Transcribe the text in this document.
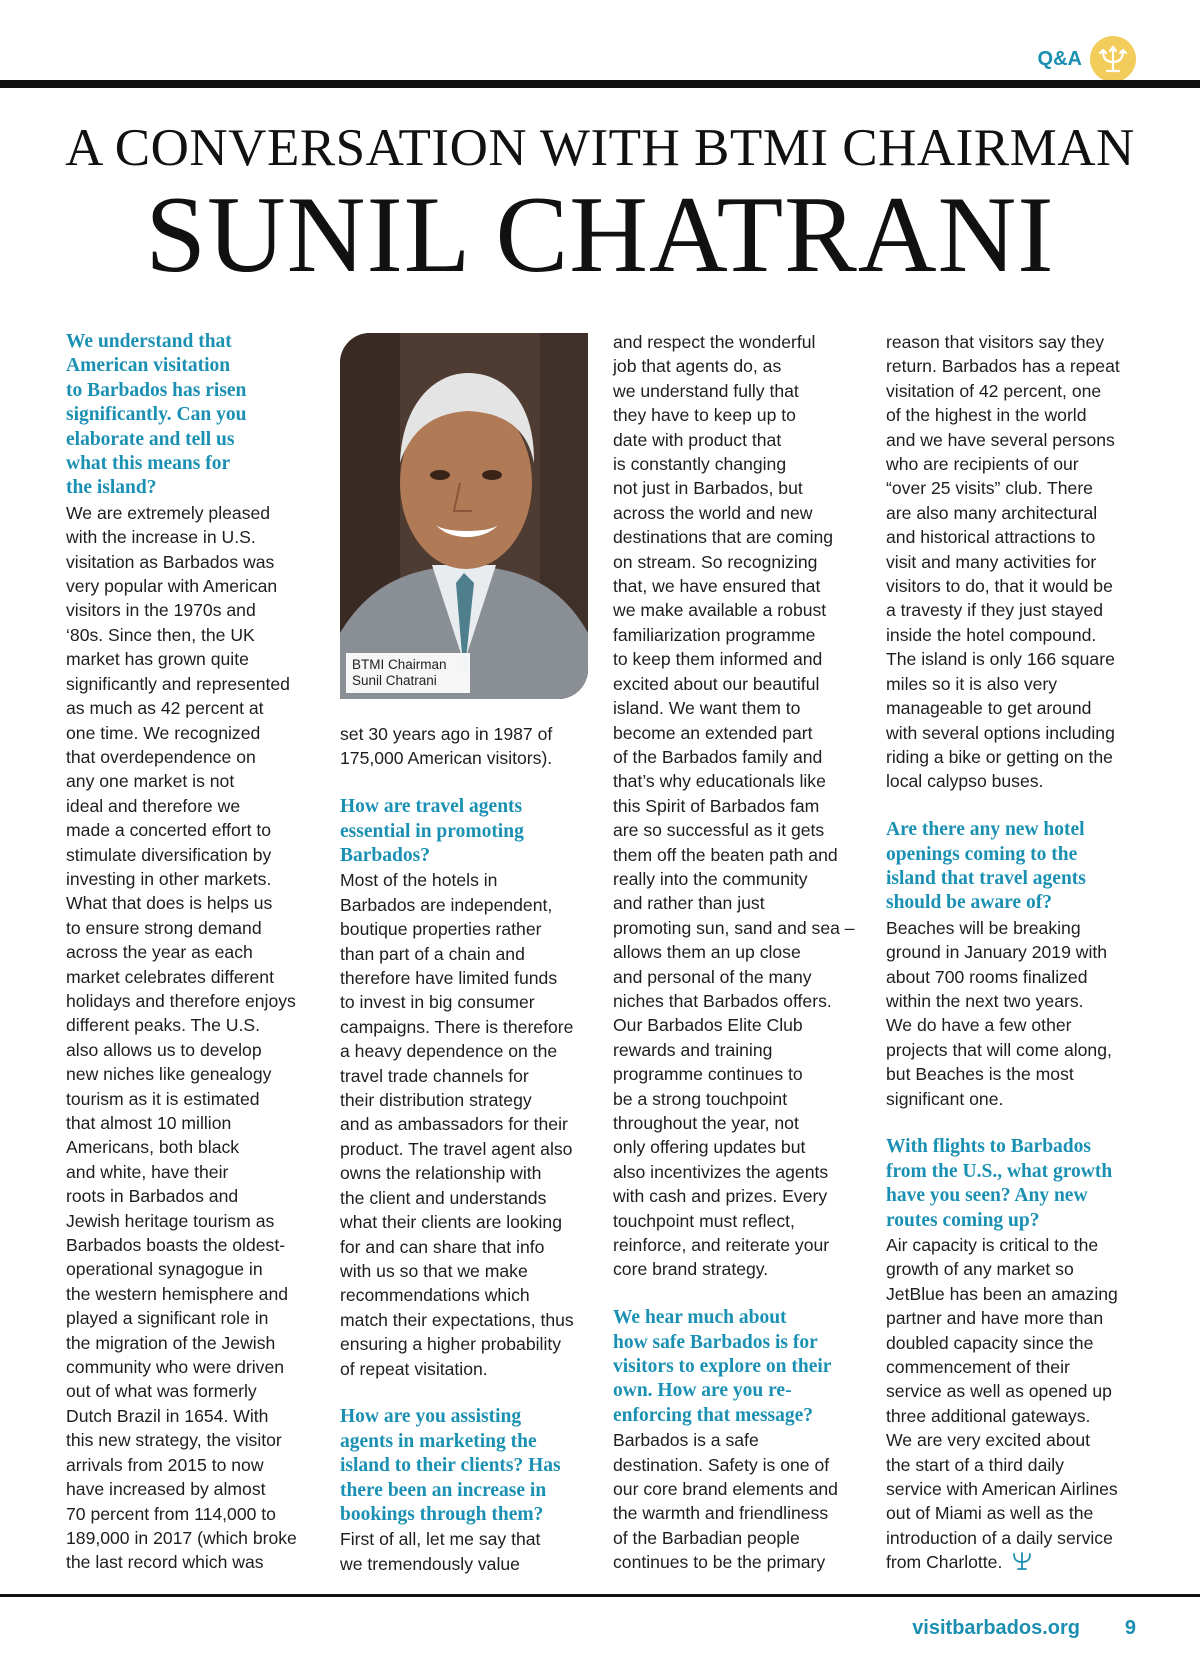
Q&A
A CONVERSATION WITH BTMI CHAIRMAN
SUNIL CHATRANI
BTMI Chairman
Sunil Chatrani
We understand that
American visitation
to Barbados has risen
significantly. Can you
elaborate and tell us
what this means for
the island?
We are extremely pleased
with the increase in U.S.
visitation as Barbados was
very popular with American
visitors in the 1970s and
‘80s. Since then, the UK
market has grown quite
significantly and represented
as much as 42 percent at
one time. We recognized
that overdependence on
any one market is not
ideal and therefore we
made a concerted effort to
stimulate diversification by
investing in other markets.
What that does is helps us
to ensure strong demand
across the year as each
market celebrates different
holidays and therefore enjoys
different peaks. The U.S.
also allows us to develop
new niches like genealogy
tourism as it is estimated
that almost 10 million
Americans, both black
and white, have their
roots in Barbados and
Jewish heritage tourism as
Barbados boasts the oldest-
operational synagogue in
the western hemisphere and
played a significant role in
the migration of the Jewish
community who were driven
out of what was formerly
Dutch Brazil in 1654. With
this new strategy, the visitor
arrivals from 2015 to now
have increased by almost
70 percent from 114,000 to
189,000 in 2017 (which broke
the last record which was
set 30 years ago in 1987 of
175,000 American visitors).
How are travel agents
essential in promoting
Barbados?
Most of the hotels in
Barbados are independent,
boutique properties rather
than part of a chain and
therefore have limited funds
to invest in big consumer
campaigns. There is therefore
a heavy dependence on the
travel trade channels for
their distribution strategy
and as ambassadors for their
product. The travel agent also
owns the relationship with
the client and understands
what their clients are looking
for and can share that info
with us so that we make
recommendations which
match their expectations, thus
ensuring a higher probability
of repeat visitation.
How are you assisting
agents in marketing the
island to their clients? Has
there been an increase in
bookings through them?
First of all, let me say that
we tremendously value
and respect the wonderful
job that agents do, as
we understand fully that
they have to keep up to
date with product that
is constantly changing
not just in Barbados, but
across the world and new
destinations that are coming
on stream. So recognizing
that, we have ensured that
we make available a robust
familiarization programme
to keep them informed and
excited about our beautiful
island. We want them to
become an extended part
of the Barbados family and
that’s why educationals like
this Spirit of Barbados fam
are so successful as it gets
them off the beaten path and
really into the community
and rather than just
promoting sun, sand and sea –
allows them an up close
and personal of the many
niches that Barbados offers.
Our Barbados Elite Club
rewards and training
programme continues to
be a strong touchpoint
throughout the year, not
only offering updates but
also incentivizes the agents
with cash and prizes. Every
touchpoint must reflect,
reinforce, and reiterate your
core brand strategy.
We hear much about
how safe Barbados is for
visitors to explore on their
own. How are you re-
enforcing that message?
Barbados is a safe
destination. Safety is one of
our core brand elements and
the warmth and friendliness
of the Barbadian people
continues to be the primary
reason that visitors say they
return. Barbados has a repeat
visitation of 42 percent, one
of the highest in the world
and we have several persons
who are recipients of our
“over 25 visits” club. There
are also many architectural
and historical attractions to
visit and many activities for
visitors to do, that it would be
a travesty if they just stayed
inside the hotel compound.
The island is only 166 square
miles so it is also very
manageable to get around
with several options including
riding a bike or getting on the
local calypso buses.
Are there any new hotel
openings coming to the
island that travel agents
should be aware of?
Beaches will be breaking
ground in January 2019 with
about 700 rooms finalized
within the next two years.
We do have a few other
projects that will come along,
but Beaches is the most
significant one.
With flights to Barbados
from the U.S., what growth
have you seen? Any new
routes coming up?
Air capacity is critical to the
growth of any market so
JetBlue has been an amazing
partner and have more than
doubled capacity since the
commencement of their
service as well as opened up
three additional gateways.
We are very excited about
the start of a third daily
service with American Airlines
out of Miami as well as the
introduction of a daily service
from Charlotte.
visitbarbados.org 9
